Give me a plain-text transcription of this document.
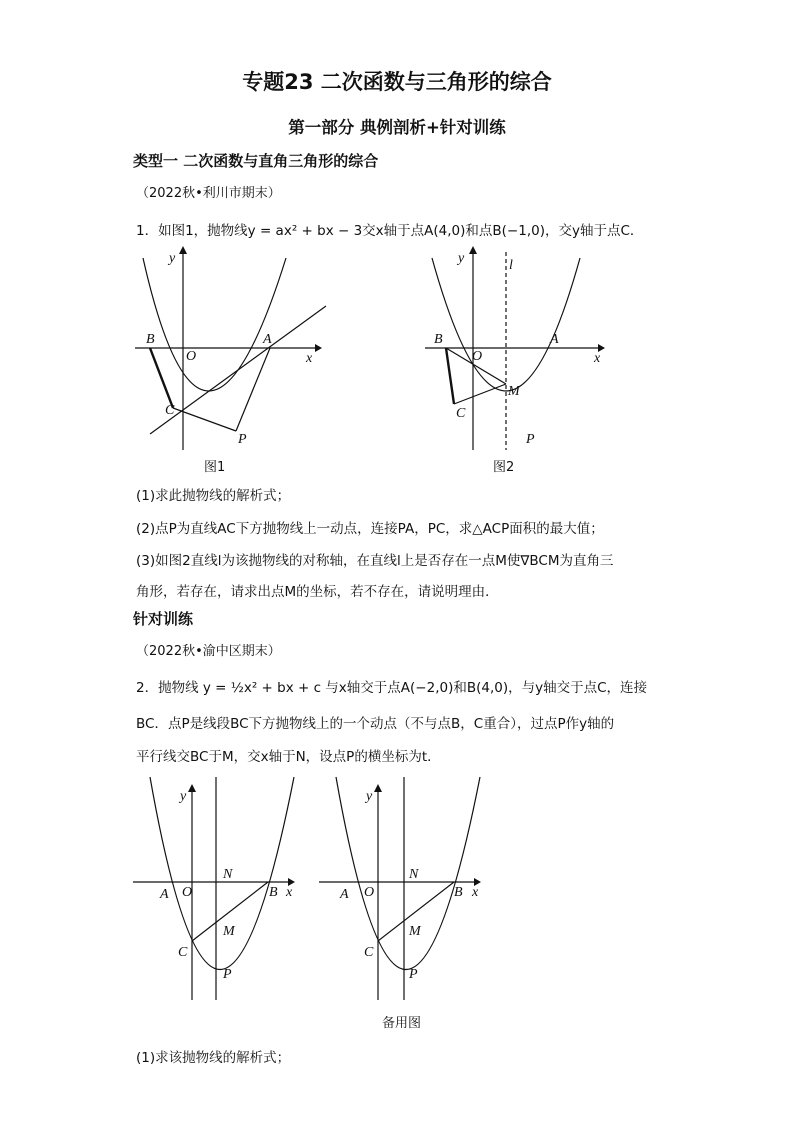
专题23 二次函数与三角形的综合
第一部分 典例剖析+针对训练
类型一 二次函数与直角三角形的综合
（2022秋•利川市期末）
1．如图1，抛物线y = ax² + bx − 3交x轴于点A(4,0)和点B(−1,0)，交y轴于点C．
y
x
B
O
A
C
P
图1
y	l
x
B
O
A
M
C
P
图2
(1)求此抛物线的解析式；
(2)点P为直线AC下方抛物线上一动点，连接PA，PC，求△ACP面积的最大值；
(3)如图2直线l为该抛物线的对称轴，在直线l上是否存在一点M使∇BCM为直角三
角形，若存在，请求出点M的坐标，若不存在，请说明理由．
针对训练
（2022秋•渝中区期末）
2．抛物线 y = ½x² + bx + c 与x轴交于点A(−2,0)和B(4,0)，与y轴交于点C，连接
BC．点P是线段BC下方抛物线上的一个动点（不与点B，C重合），过点P作y轴的
平行线交BC于M，交x轴于N，设点P的横坐标为t．
y
x
N
A O	B
M
C
P
y
x
N
A O	B
M
C
P
备用图
(1)求该抛物线的解析式；
